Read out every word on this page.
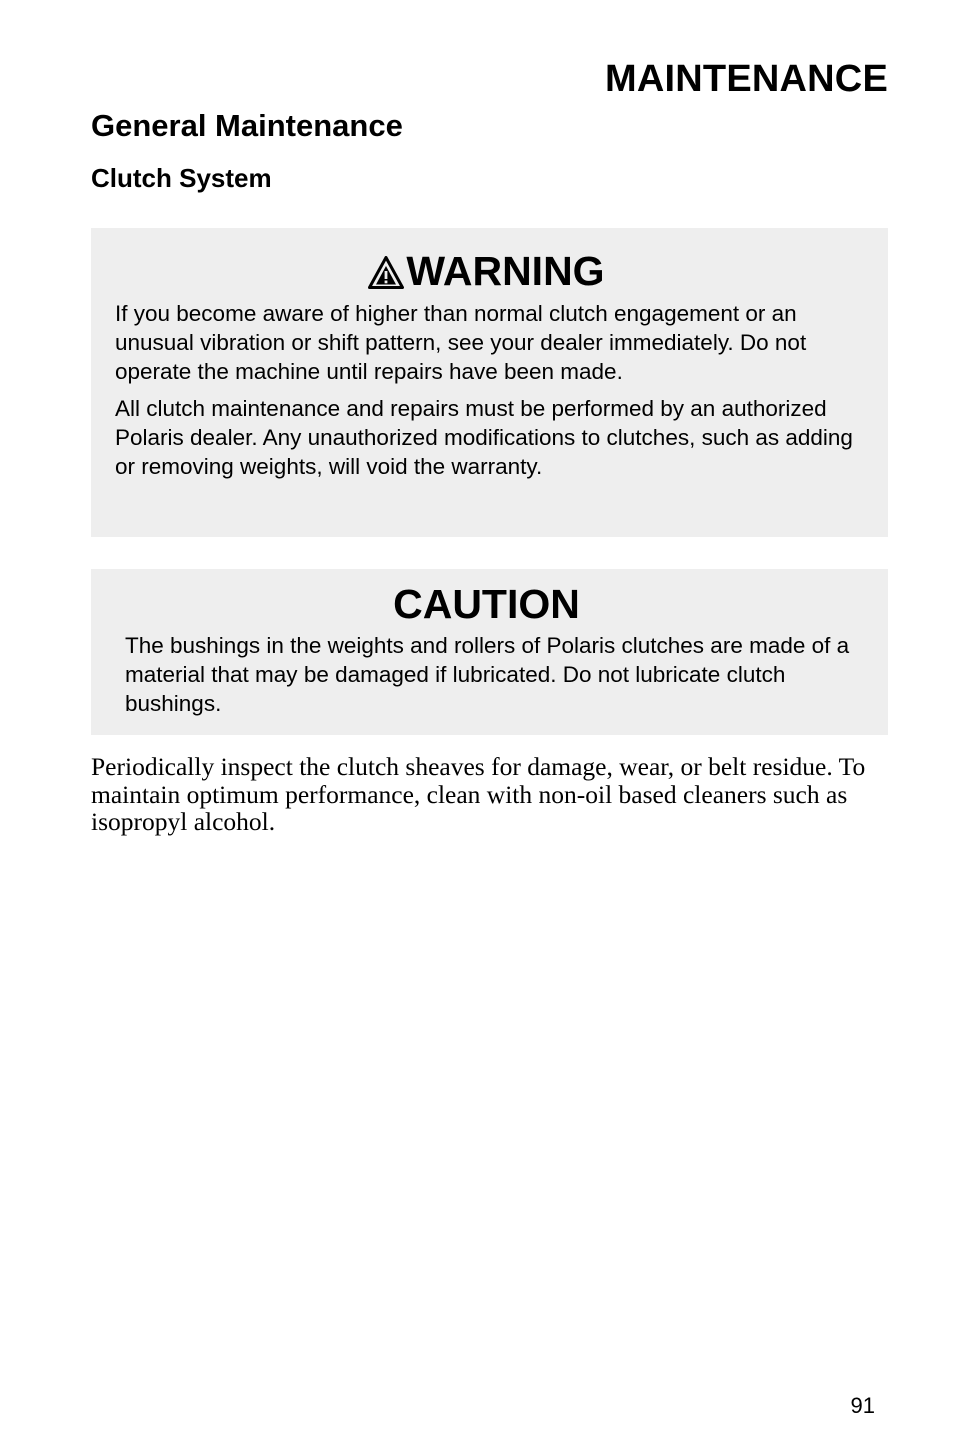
MAINTENANCE
General Maintenance
Clutch System
WARNING

If you become aware of higher than normal clutch engagement or an unusual vibration or shift pattern, see your dealer immediately. Do not operate the machine until repairs have been made.

All clutch maintenance and repairs must be performed by an authorized Polaris dealer. Any unauthorized modifications to clutches, such as adding or removing weights, will void the warranty.

CAUTION

The bushings in the weights and rollers of Polaris clutches are made of a material that may be damaged if lubricated. Do not lubricate clutch bushings.

Periodically inspect the clutch sheaves for damage, wear, or belt residue. To maintain optimum performance, clean with non-oil based cleaners such as isopropyl alcohol.

91
